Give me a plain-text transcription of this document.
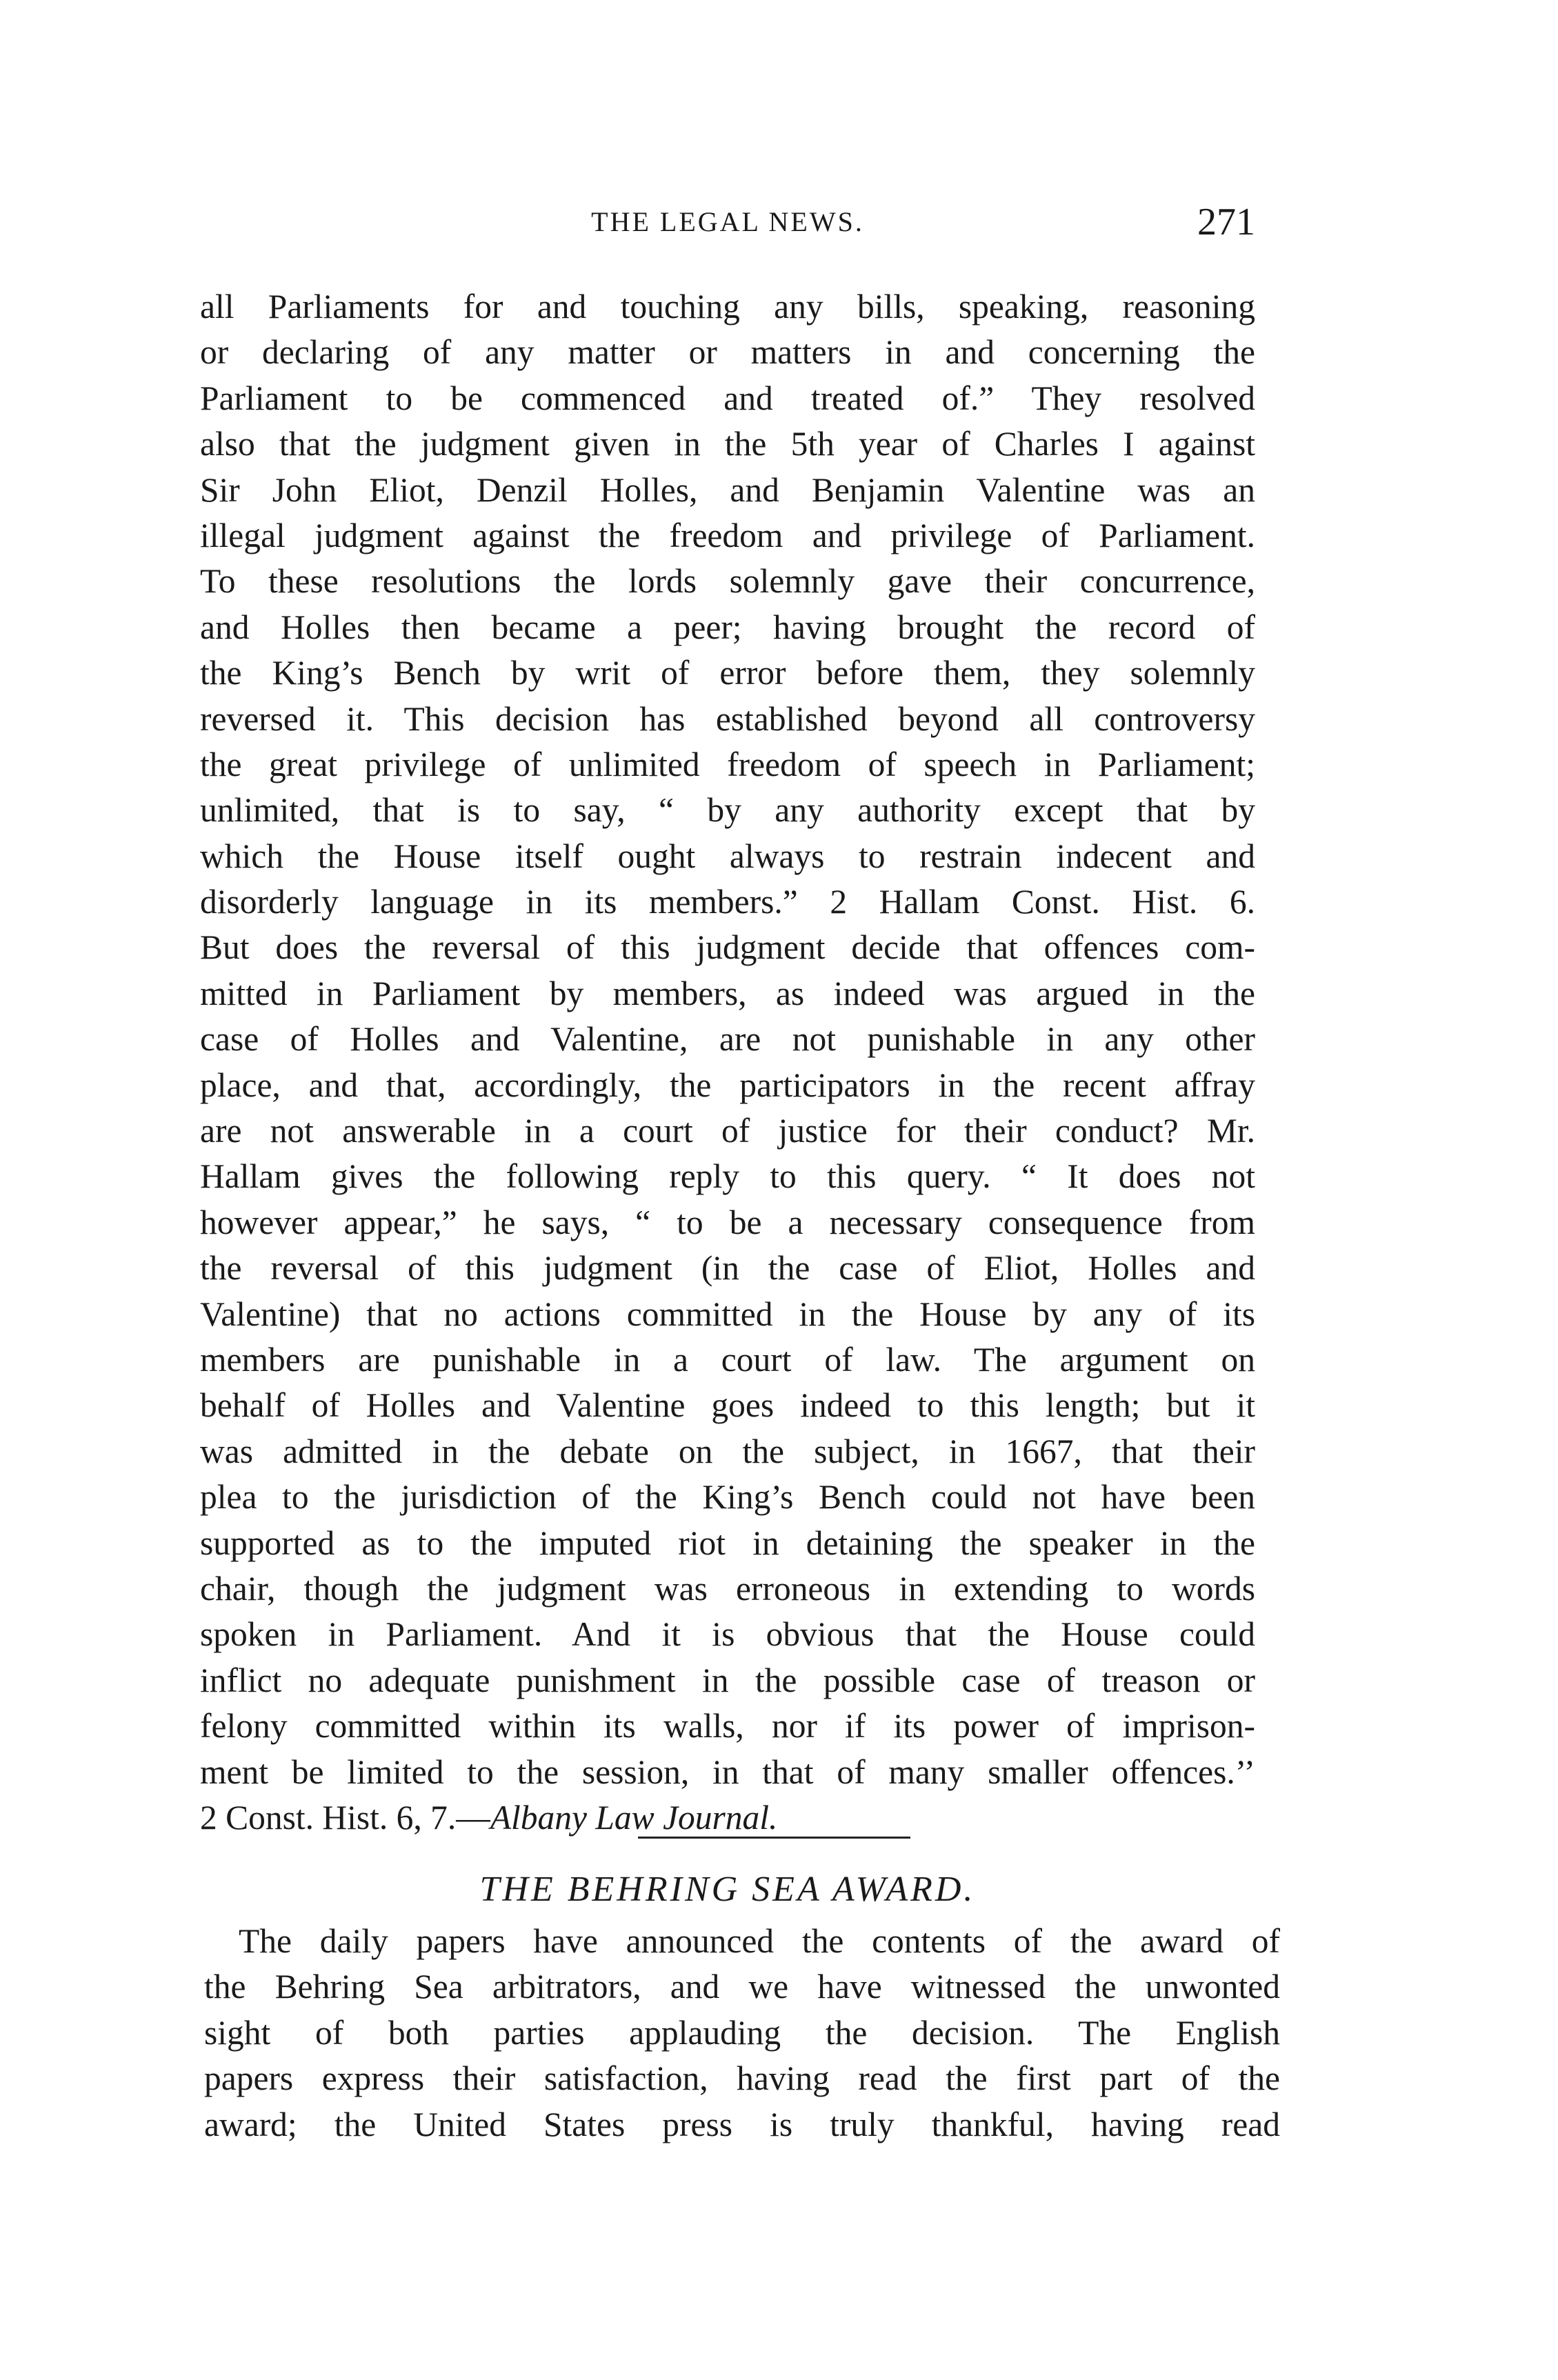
THE LEGAL NEWS.	271
all Parliaments for and touching any bills, speaking, reasoning
or declaring of any matter or matters in and concerning the
Parliament to be commenced and treated of.” They resolved
also that the judgment given in the 5th year of Charles I against
Sir John Eliot, Denzil Holles, and Benjamin Valentine was an
illegal judgment against the freedom and privilege of Parliament.
To these resolutions the lords solemnly gave their concurrence,
and Holles then became a peer; having brought the record of
the King’s Bench by writ of error before them, they solemnly
reversed it. This decision has established beyond all controversy
the great privilege of unlimited freedom of speech in Parliament;
unlimited, that is to say, “ by any authority except that by
which the House itself ought always to restrain indecent and
disorderly language in its members.” 2 Hallam Const. Hist. 6.
But does the reversal of this judgment decide that offences com-
mitted in Parliament by members, as indeed was argued in the
case of Holles and Valentine, are not punishable in any other
place, and that, accordingly, the participators in the recent affray
are not answerable in a court of justice for their conduct? Mr.
Hallam gives the following reply to this query. “ It does not
however appear,” he says, “ to be a necessary consequence from
the reversal of this judgment (in the case of Eliot, Holles and
Valentine) that no actions committed in the House by any of its
members are punishable in a court of law. The argument on
behalf of Holles and Valentine goes indeed to this length; but it
was admitted in the debate on the subject, in 1667, that their
plea to the jurisdiction of the King’s Bench could not have been
supported as to the imputed riot in detaining the speaker in the
chair, though the judgment was erroneous in extending to words
spoken in Parliament. And it is obvious that the House could
inflict no adequate punishment in the possible case of treason or
felony committed within its walls, nor if its power of imprison-
ment be limited to the session, in that of many smaller offences.’’
2 Const. Hist. 6, 7.—Albany Law Journal.
THE BEHRING SEA AWARD.
The daily papers have announced the contents of the award of
the Behring Sea arbitrators, and we have witnessed the unwonted
sight of both parties applauding the decision. The English
papers express their satisfaction, having read the first part of the
award; the United States press is truly thankful, having read
